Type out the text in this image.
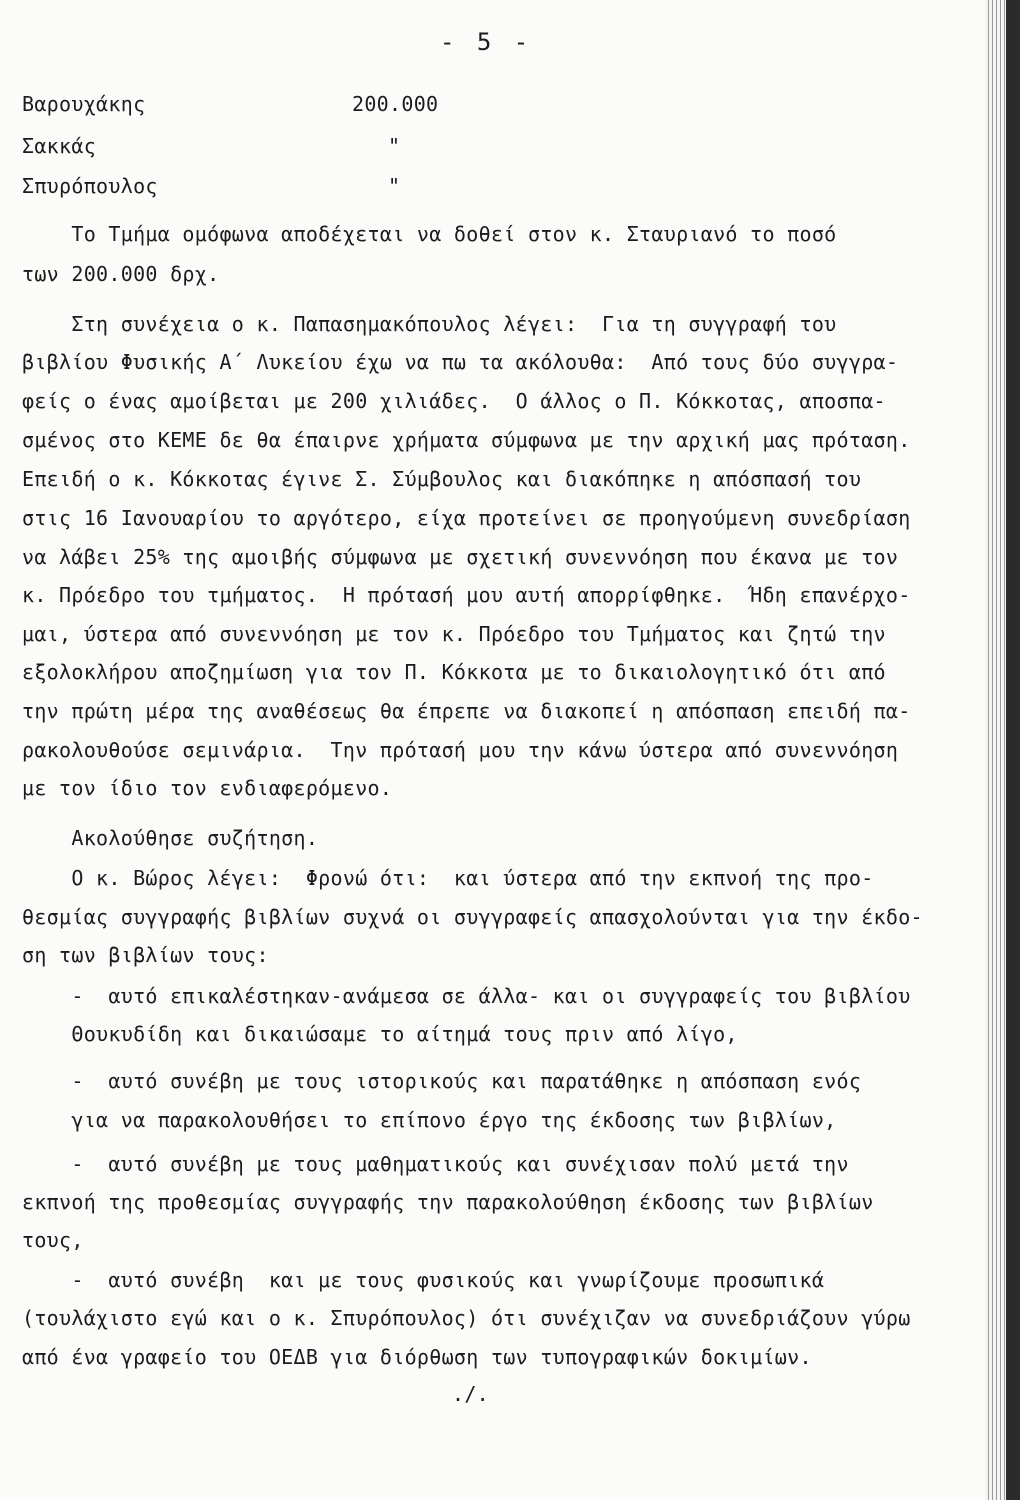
- 5 -
Βαρουχάκης	200.000
Σακκάς	"
Σπυρόπουλος	"
Το Τμήμα ομόφωνα αποδέχεται να δοθεί στον κ. Σταυριανό το ποσό
των 200.000 δρχ.
Στη συνέχεια ο κ. Παπασημακόπουλος λέγει:  Για τη συγγραφή του
βιβλίου Φυσικής Α΄ Λυκείου έχω να πω τα ακόλουθα:  Από τους δύο συγγρα-
φείς ο ένας αμοίβεται με 200 χιλιάδες.  Ο άλλος ο Π. Κόκκοτας, αποσπα-
σμένος στο ΚΕΜΕ δε θα έπαιρνε χρήματα σύμφωνα με την αρχική μας πρόταση.
Επειδή ο κ. Κόκκοτας έγινε Σ. Σύμβουλος και διακόπηκε η απόσπασή του
στις 16 Ιανουαρίου το αργότερο, είχα προτείνει σε προηγούμενη συνεδρίαση
να λάβει 25% της αμοιβής σύμφωνα με σχετική συνεννόηση που έκανα με τον
κ. Πρόεδρο του τμήματος.  Η πρότασή μου αυτή απορρίφθηκε.  Ήδη επανέρχο-
μαι, ύστερα από συνεννόηση με τον κ. Πρόεδρο του Τμήματος και ζητώ την
εξολοκλήρου αποζημίωση για τον Π. Κόκκοτα με το δικαιολογητικό ότι από
την πρώτη μέρα της αναθέσεως θα έπρεπε να διακοπεί η απόσπαση επειδή πα-
ρακολουθούσε σεμινάρια.  Την πρότασή μου την κάνω ύστερα από συνεννόηση
με τον ίδιο τον ενδιαφερόμενο.
Ακολούθησε συζήτηση.
Ο κ. Βώρος λέγει:  Φρονώ ότι:  και ύστερα από την εκπνοή της προ-
θεσμίας συγγραφής βιβλίων συχνά οι συγγραφείς απασχολούνται για την έκδο-
ση των βιβλίων τους:
-  αυτό επικαλέστηκαν-ανάμεσα σε άλλα- και οι συγγραφείς του βιβλίου
Θουκυδίδη και δικαιώσαμε το αίτημά τους πριν από λίγο,
-  αυτό συνέβη με τους ιστορικούς και παρατάθηκε η απόσπαση ενός
για να παρακολουθήσει το επίπονο έργο της έκδοσης των βιβλίων,
-  αυτό συνέβη με τους μαθηματικούς και συνέχισαν πολύ μετά την
εκπνοή της προθεσμίας συγγραφής την παρακολούθηση έκδοσης των βιβλίων
τους,
-  αυτό συνέβη  και με τους φυσικούς και γνωρίζουμε προσωπικά
(τουλάχιστο εγώ και ο κ. Σπυρόπουλος) ότι συνέχιζαν να συνεδριάζουν γύρω
από ένα γραφείο του ΟΕΔΒ για διόρθωση των τυπογραφικών δοκιμίων.
./.
